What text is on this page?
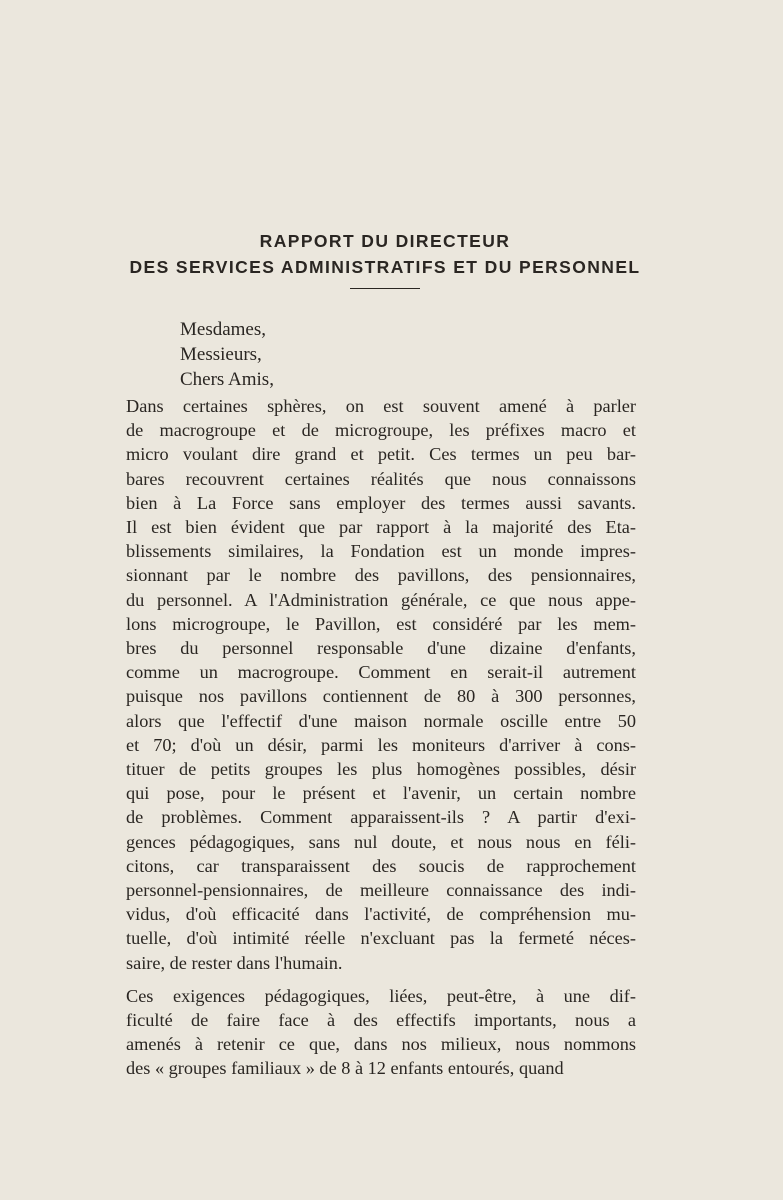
RAPPORT DU DIRECTEUR

DES SERVICES ADMINISTRATIFS ET DU PERSONNEL

Mesdames,
Messieurs,
Chers Amis,

Dans certaines sphères, on est souvent amené à parler
de macrogroupe et de microgroupe, les préfixes macro et
micro voulant dire grand et petit. Ces termes un peu bar-
bares recouvrent certaines réalités que nous connaissons
bien à La Force sans employer des termes aussi savants.
Il est bien évident que par rapport à la majorité des Eta-
blissements similaires, la Fondation est un monde impres-
sionnant par le nombre des pavillons, des pensionnaires,
du personnel. A l'Administration générale, ce que nous appe-
lons microgroupe, le Pavillon, est considéré par les mem-
bres du personnel responsable d'une dizaine d'enfants,
comme un macrogroupe. Comment en serait-il autrement
puisque nos pavillons contiennent de 80 à 300 personnes,
alors que l'effectif d'une maison normale oscille entre 50
et 70; d'où un désir, parmi les moniteurs d'arriver à cons-
tituer de petits groupes les plus homogènes possibles, désir
qui pose, pour le présent et l'avenir, un certain nombre
de problèmes. Comment apparaissent-ils ? A partir d'exi-
gences pédagogiques, sans nul doute, et nous nous en féli-
citons, car transparaissent des soucis de rapprochement
personnel-pensionnaires, de meilleure connaissance des indi-
vidus, d'où efficacité dans l'activité, de compréhension mu-
tuelle, d'où intimité réelle n'excluant pas la fermeté néces-
saire, de rester dans l'humain.

Ces exigences pédagogiques, liées, peut-être, à une dif-
ficulté de faire face à des effectifs importants, nous a
amenés à retenir ce que, dans nos milieux, nous nommons
des « groupes familiaux » de 8 à 12 enfants entourés, quand
